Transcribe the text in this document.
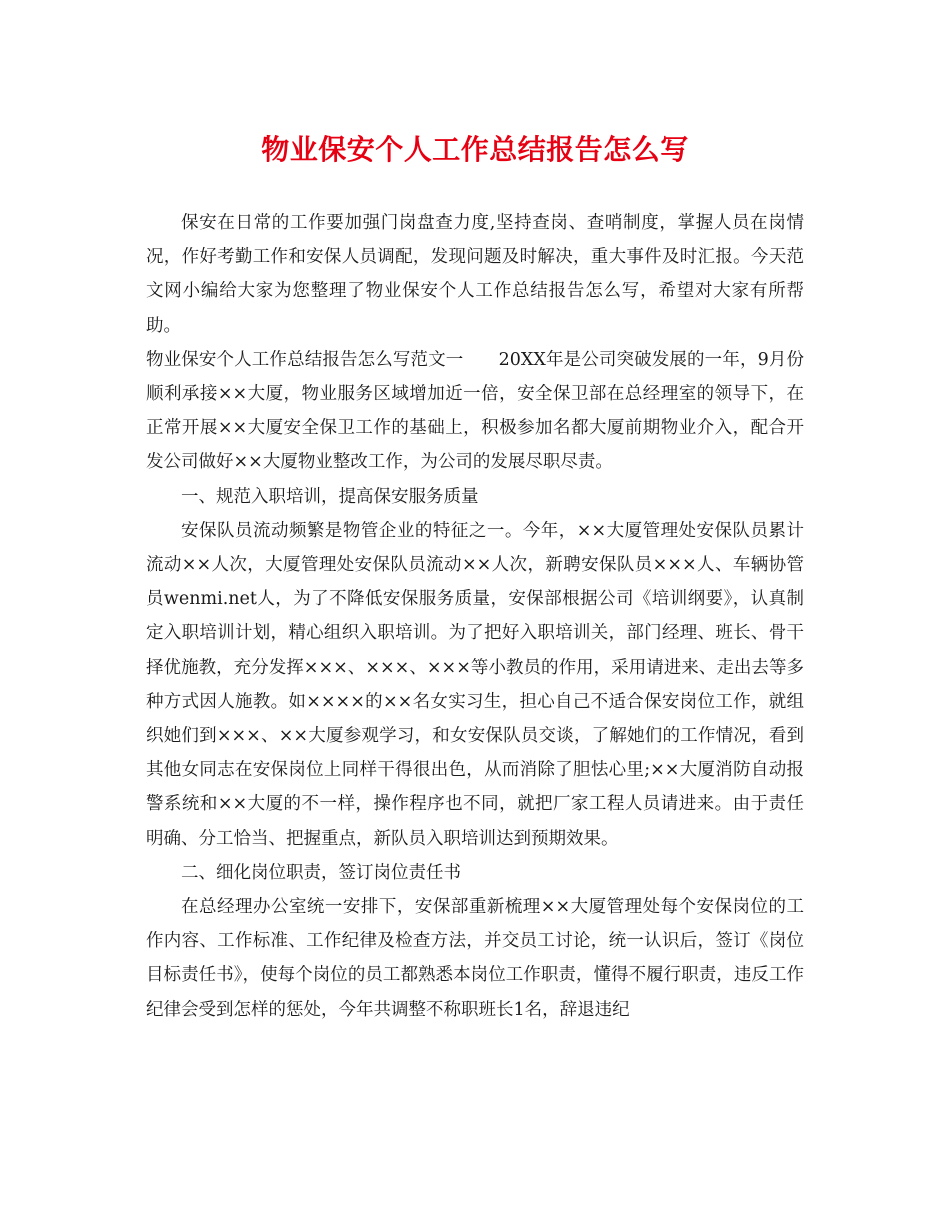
物业保安个人工作总结报告怎么写

保安在日常的工作要加强门岗盘查力度,坚持查岗、查哨制度，掌握人员在岗情况，作好考勤工作和安保人员调配，发现问题及时解决，重大事件及时汇报。今天范文网小编给大家为您整理了物业保安个人工作总结报告怎么写，希望对大家有所帮助。

物业保安个人工作总结报告怎么写范文一　　20XX年是公司突破发展的一年，9月份顺利承接××大厦，物业服务区域增加近一倍，安全保卫部在总经理室的领导下，在正常开展××大厦安全保卫工作的基础上，积极参加名都大厦前期物业介入，配合开发公司做好××大厦物业整改工作，为公司的发展尽职尽责。

一、规范入职培训，提高保安服务质量

安保队员流动频繁是物管企业的特征之一。今年，××大厦管理处安保队员累计流动××人次，大厦管理处安保队员流动××人次，新聘安保队员×××人、车辆协管员wenmi.net人，为了不降低安保服务质量，安保部根据公司《培训纲要》，认真制定入职培训计划，精心组织入职培训。为了把好入职培训关，部门经理、班长、骨干择优施教，充分发挥×××、×××、×××等小教员的作用，采用请进来、走出去等多种方式因人施教。如××××的××名女实习生，担心自己不适合保安岗位工作，就组织她们到×××、××大厦参观学习，和女安保队员交谈，了解她们的工作情况，看到其他女同志在安保岗位上同样干得很出色，从而消除了胆怯心里;××大厦消防自动报警系统和××大厦的不一样，操作程序也不同，就把厂家工程人员请进来。由于责任明确、分工恰当、把握重点，新队员入职培训达到预期效果。

二、细化岗位职责，签订岗位责任书

在总经理办公室统一安排下，安保部重新梳理××大厦管理处每个安保岗位的工作内容、工作标准、工作纪律及检查方法，并交员工讨论，统一认识后，签订《岗位目标责任书》，使每个岗位的员工都熟悉本岗位工作职责，懂得不履行职责，违反工作纪律会受到怎样的惩处，今年共调整不称职班长1名，辞退违纪
